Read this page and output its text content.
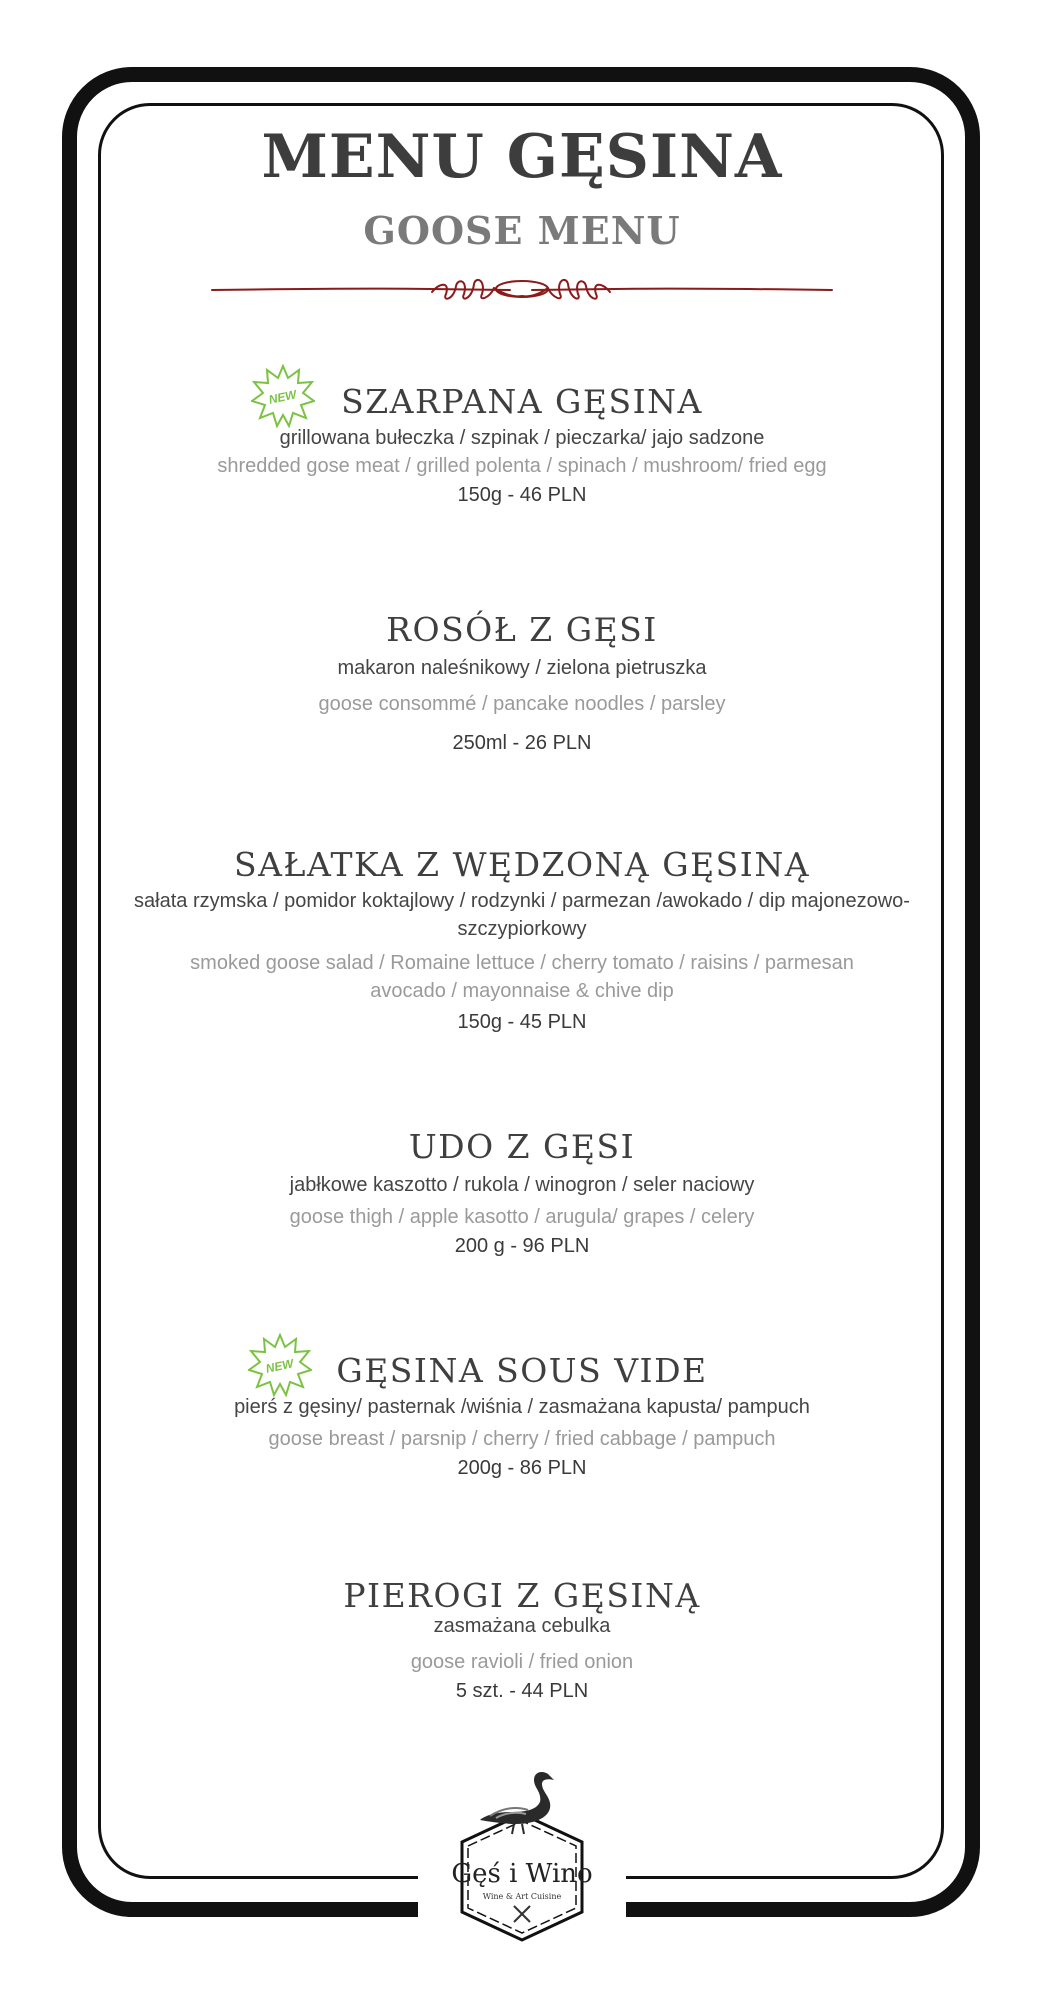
MENU GĘSINA
GOOSE MENU
NEW SZARPANA GĘSINA
grillowana bułeczka / szpinak / pieczarka/ jajo sadzone
shredded gose meat / grilled polenta / spinach / mushroom/ fried egg
150g - 46 PLN
ROSÓŁ Z GĘSI
makaron naleśnikowy / zielona pietruszka
goose consommé / pancake noodles / parsley
250ml - 26 PLN
SAŁATKA Z WĘDZONĄ GĘSINĄ
sałata rzymska / pomidor koktajlowy / rodzynki / parmezan /awokado / dip majonezowo-szczypiorkowy
smoked goose salad / Romaine lettuce / cherry tomato / raisins / parmesan avocado / mayonnaise & chive dip
150g - 45 PLN
UDO Z GĘSI
jabłkowe kaszotto / rukola / winogron / seler naciowy
goose thigh / apple kasotto / arugula/ grapes / celery
200 g - 96 PLN
NEW GĘSINA SOUS VIDE
pierś z gęsiny/ pasternak /wiśnia / zasmażana kapusta/ pampuch
goose breast / parsnip / cherry / fried cabbage / pampuch
200g - 86 PLN
PIEROGI Z GĘSINĄ
zasmażana cebulka
goose ravioli / fried onion
5 szt. - 44 PLN
Gęś i Wino
Wine & Art Cuisine
